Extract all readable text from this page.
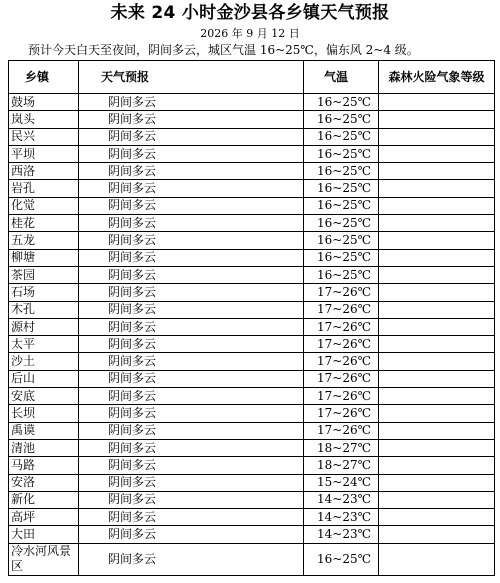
未来 24 小时金沙县各乡镇天气预报
2026 年 9 月 12 日
预计今天白天至夜间，阴间多云，城区气温 16~25℃，偏东风 2~4 级。
乡镇	天气预报	气温	森林火险气象等级
鼓场	阴间多云	16~25℃	
岚头	阴间多云	16~25℃	
民兴	阴间多云	16~25℃	
平坝	阴间多云	16~25℃	
西洛	阴间多云	16~25℃	
岩孔	阴间多云	16~25℃	
化觉	阴间多云	16~25℃	
桂花	阴间多云	16~25℃	
五龙	阴间多云	16~25℃	
柳塘	阴间多云	16~25℃	
茶园	阴间多云	16~25℃	
石场	阴间多云	17~26℃	
木孔	阴间多云	17~26℃	
源村	阴间多云	17~26℃	
太平	阴间多云	17~26℃	
沙土	阴间多云	17~26℃	
后山	阴间多云	17~26℃	
安底	阴间多云	17~26℃	
长坝	阴间多云	17~26℃	
禹谟	阴间多云	17~26℃	
清池	阴间多云	18~27℃	
马路	阴间多云	18~27℃	
安洛	阴间多云	15~24℃	
新化	阴间多云	14~23℃	
高坪	阴间多云	14~23℃	
大田	阴间多云	14~23℃	
冷水河风景区	阴间多云	16~25℃	
